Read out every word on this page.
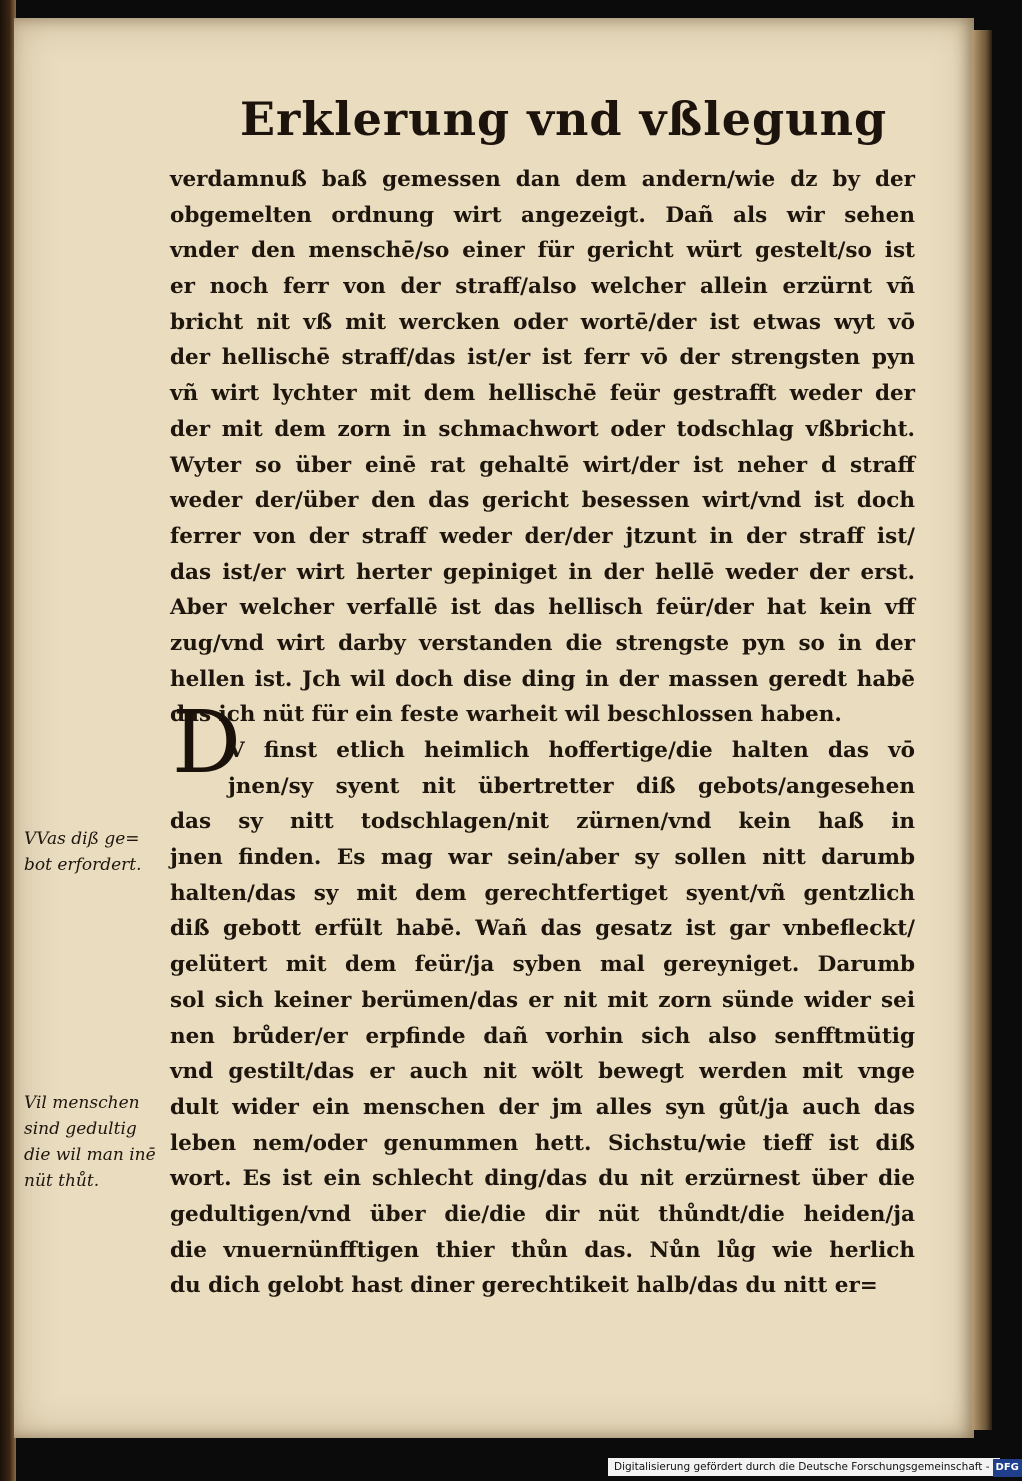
Erklerung vnd vßlegung
verdamnuß baß gemessen dan dem andern/wie dz by der
obgemelten ordnung wirt angezeigt. Dañ als wir sehen
vnder den menschē/so einer für gericht würt gestelt/so ist
er noch ferr von der straff/also welcher allein erzürnt vñ
bricht nit vß mit wercken oder wortē/der ist etwas wyt vō
der hellischē straff/das ist/er ist ferr vō der strengsten pyn
vñ wirt lychter mit dem hellischē feür gestrafft weder der
der mit dem zorn in schmachwort oder todschlag vßbricht.
Wyter so über einē rat gehaltē wirt/der ist neher d straff
weder der/über den das gericht besessen wirt/vnd ist doch
ferrer von der straff weder der/der jtzunt in der straff ist/
das ist/er wirt herter gepiniget in der hellē weder der erst.
Aber welcher verfallē ist das hellisch feür/der hat kein vff
zug/vnd wirt darby verstanden die strengste pyn so in der
hellen ist. Jch wil doch dise ding in der massen geredt habē
das ich nüt für ein feste warheit wil beschlossen haben.
V finst etlich heimlich hoffertige/die halten das vō
jnen/sy syent nit übertretter diß gebots/angesehen
das sy nitt todschlagen/nit zürnen/vnd kein haß in
jnen finden. Es mag war sein/aber sy sollen nitt darumb
halten/das sy mit dem gerechtfertiget syent/vñ gentzlich
diß gebott erfült habē. Wañ das gesatz ist gar vnbefleckt/
gelütert mit dem feür/ja syben mal gereyniget. Darumb
sol sich keiner berümen/das er nit mit zorn sünde wider sei
nen brůder/er erpfinde dañ vorhin sich also senfftmütig
vnd gestilt/das er auch nit wölt bewegt werden mit vnge
dult wider ein menschen der jm alles syn gůt/ja auch das
leben nem/oder genummen hett. Sichstu/wie tieff ist diß
wort. Es ist ein schlecht ding/das du nit erzürnest über die
gedultigen/vnd über die/die dir nüt thůndt/die heiden/ja
die vnuernünfftigen thier thůn das. Nůn lůg wie herlich
du dich gelobt hast diner gerechtikeit halb/das du nitt er=
D
VVas diß ge=
bot erfordert.
Vil menschen
sind gedultig
die wil man inē
nüt thůt.
Digitalisierung gefördert durch die Deutsche Forschungsgemeinschaft - DFG
